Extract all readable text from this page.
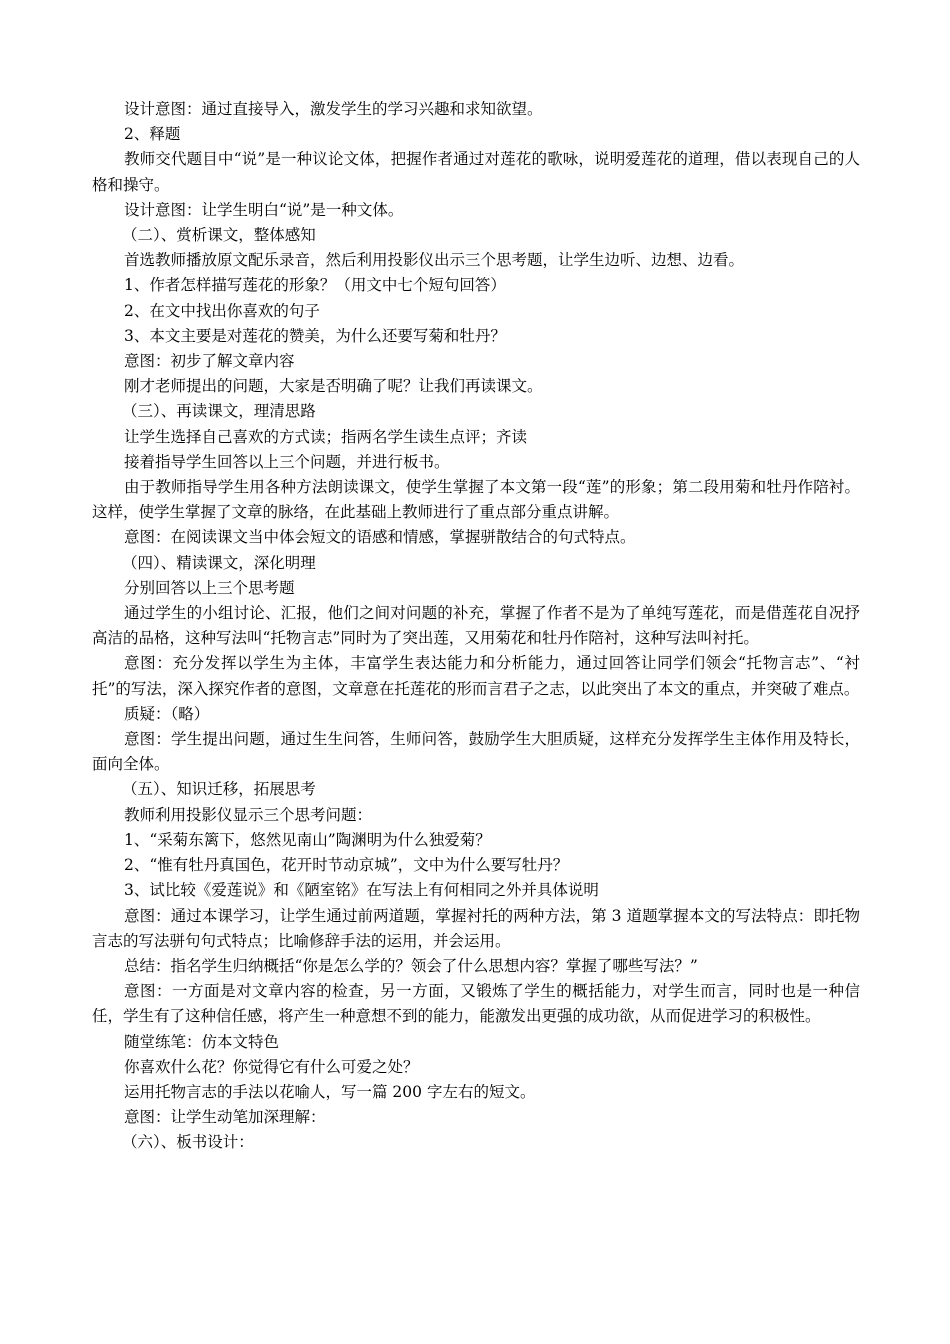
设计意图：通过直接导入，激发学生的学习兴趣和求知欲望。

2、释题

教师交代题目中“说”是一种议论文体，把握作者通过对莲花的歌咏，说明爱莲花的道理，借以表现自己的人格和操守。

设计意图：让学生明白“说”是一种文体。

（二）、赏析课文，整体感知

首选教师播放原文配乐录音，然后利用投影仪出示三个思考题，让学生边听、边想、边看。

1、作者怎样描写莲花的形象？（用文中七个短句回答）

2、在文中找出你喜欢的句子

3、本文主要是对莲花的赞美，为什么还要写菊和牡丹？

意图：初步了解文章内容

刚才老师提出的问题，大家是否明确了呢？让我们再读课文。

（三）、再读课文，理清思路

让学生选择自己喜欢的方式读；指两名学生读生点评；齐读

接着指导学生回答以上三个问题，并进行板书。

由于教师指导学生用各种方法朗读课文，使学生掌握了本文第一段“莲”的形象；第二段用菊和牡丹作陪衬。这样，使学生掌握了文章的脉络，在此基础上教师进行了重点部分重点讲解。

意图：在阅读课文当中体会短文的语感和情感，掌握骈散结合的句式特点。

（四）、精读课文，深化明理

分别回答以上三个思考题

通过学生的小组讨论、汇报，他们之间对问题的补充，掌握了作者不是为了单纯写莲花，而是借莲花自况抒高洁的品格，这种写法叫“托物言志”同时为了突出莲，又用菊花和牡丹作陪衬，这种写法叫衬托。

意图：充分发挥以学生为主体，丰富学生表达能力和分析能力，通过回答让同学们领会“托物言志”、“衬托”的写法，深入探究作者的意图，文章意在托莲花的形而言君子之志，以此突出了本文的重点，并突破了难点。

质疑：（略）

意图：学生提出问题，通过生生问答，生师问答，鼓励学生大胆质疑，这样充分发挥学生主体作用及特长，面向全体。

（五）、知识迁移，拓展思考

教师利用投影仪显示三个思考问题：

1、“采菊东篱下，悠然见南山”陶渊明为什么独爱菊？

2、“惟有牡丹真国色，花开时节动京城”，文中为什么要写牡丹？

3、试比较《爱莲说》和《陋室铭》在写法上有何相同之外并具体说明

意图：通过本课学习，让学生通过前两道题，掌握衬托的两种方法，第 3 道题掌握本文的写法特点：即托物言志的写法骈句句式特点；比喻修辞手法的运用，并会运用。

总结：指名学生归纳概括“你是怎么学的？领会了什么思想内容？掌握了哪些写法？”

意图：一方面是对文章内容的检查，另一方面，又锻炼了学生的概括能力，对学生而言，同时也是一种信任，学生有了这种信任感，将产生一种意想不到的能力，能激发出更强的成功欲，从而促进学习的积极性。

随堂练笔：仿本文特色

你喜欢什么花？你觉得它有什么可爱之处？

运用托物言志的手法以花喻人，写一篇 200 字左右的短文。

意图：让学生动笔加深理解：

（六）、板书设计：
